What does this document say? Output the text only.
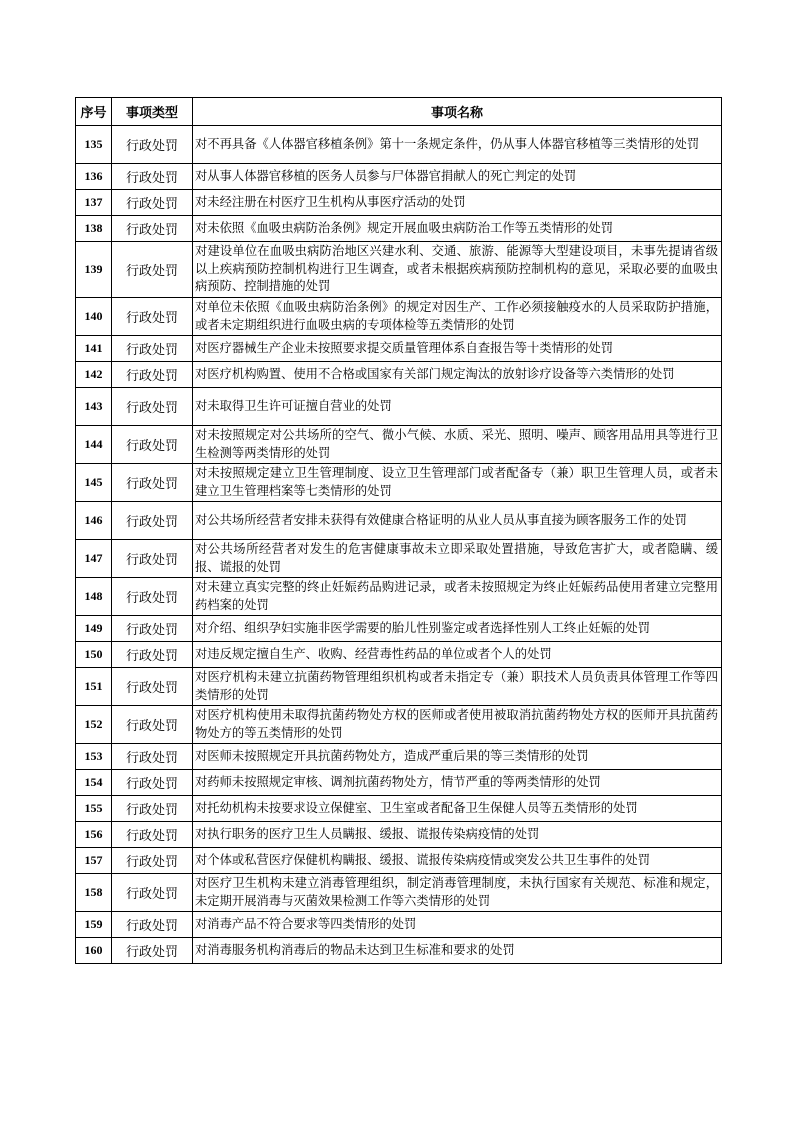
序号	事项类型	事项名称
135	行政处罚	对不再具备《人体器官移植条例》第十一条规定条件，仍从事人体器官移植等三类情形的处罚
136	行政处罚	对从事人体器官移植的医务人员参与尸体器官捐献人的死亡判定的处罚
137	行政处罚	对未经注册在村医疗卫生机构从事医疗活动的处罚
138	行政处罚	对未依照《血吸虫病防治条例》规定开展血吸虫病防治工作等五类情形的处罚
139	行政处罚	对建设单位在血吸虫病防治地区兴建水利、交通、旅游、能源等大型建设项目，未事先提请省级以上疾病预防控制机构进行卫生调查，或者未根据疾病预防控制机构的意见，采取必要的血吸虫病预防、控制措施的处罚
140	行政处罚	对单位未依照《血吸虫病防治条例》的规定对因生产、工作必须接触疫水的人员采取防护措施，或者未定期组织进行血吸虫病的专项体检等五类情形的处罚
141	行政处罚	对医疗器械生产企业未按照要求提交质量管理体系自查报告等十类情形的处罚
142	行政处罚	对医疗机构购置、使用不合格或国家有关部门规定淘汰的放射诊疗设备等六类情形的处罚
143	行政处罚	对未取得卫生许可证擅自营业的处罚
144	行政处罚	对未按照规定对公共场所的空气、微小气候、水质、采光、照明、噪声、顾客用品用具等进行卫生检测等两类情形的处罚
145	行政处罚	对未按照规定建立卫生管理制度、设立卫生管理部门或者配备专（兼）职卫生管理人员，或者未建立卫生管理档案等七类情形的处罚
146	行政处罚	对公共场所经营者安排未获得有效健康合格证明的从业人员从事直接为顾客服务工作的处罚
147	行政处罚	对公共场所经营者对发生的危害健康事故未立即采取处置措施，导致危害扩大，或者隐瞒、缓报、谎报的处罚
148	行政处罚	对未建立真实完整的终止妊娠药品购进记录，或者未按照规定为终止妊娠药品使用者建立完整用药档案的处罚
149	行政处罚	对介绍、组织孕妇实施非医学需要的胎儿性别鉴定或者选择性别人工终止妊娠的处罚
150	行政处罚	对违反规定擅自生产、收购、经营毒性药品的单位或者个人的处罚
151	行政处罚	对医疗机构未建立抗菌药物管理组织机构或者未指定专（兼）职技术人员负责具体管理工作等四类情形的处罚
152	行政处罚	对医疗机构使用未取得抗菌药物处方权的医师或者使用被取消抗菌药物处方权的医师开具抗菌药物处方的等五类情形的处罚
153	行政处罚	对医师未按照规定开具抗菌药物处方，造成严重后果的等三类情形的处罚
154	行政处罚	对药师未按照规定审核、调剂抗菌药物处方，情节严重的等两类情形的处罚
155	行政处罚	对托幼机构未按要求设立保健室、卫生室或者配备卫生保健人员等五类情形的处罚
156	行政处罚	对执行职务的医疗卫生人员瞒报、缓报、谎报传染病疫情的处罚
157	行政处罚	对个体或私营医疗保健机构瞒报、缓报、谎报传染病疫情或突发公共卫生事件的处罚
158	行政处罚	对医疗卫生机构未建立消毒管理组织，制定消毒管理制度，未执行国家有关规范、标准和规定，未定期开展消毒与灭菌效果检测工作等六类情形的处罚
159	行政处罚	对消毒产品不符合要求等四类情形的处罚
160	行政处罚	对消毒服务机构消毒后的物品未达到卫生标准和要求的处罚
